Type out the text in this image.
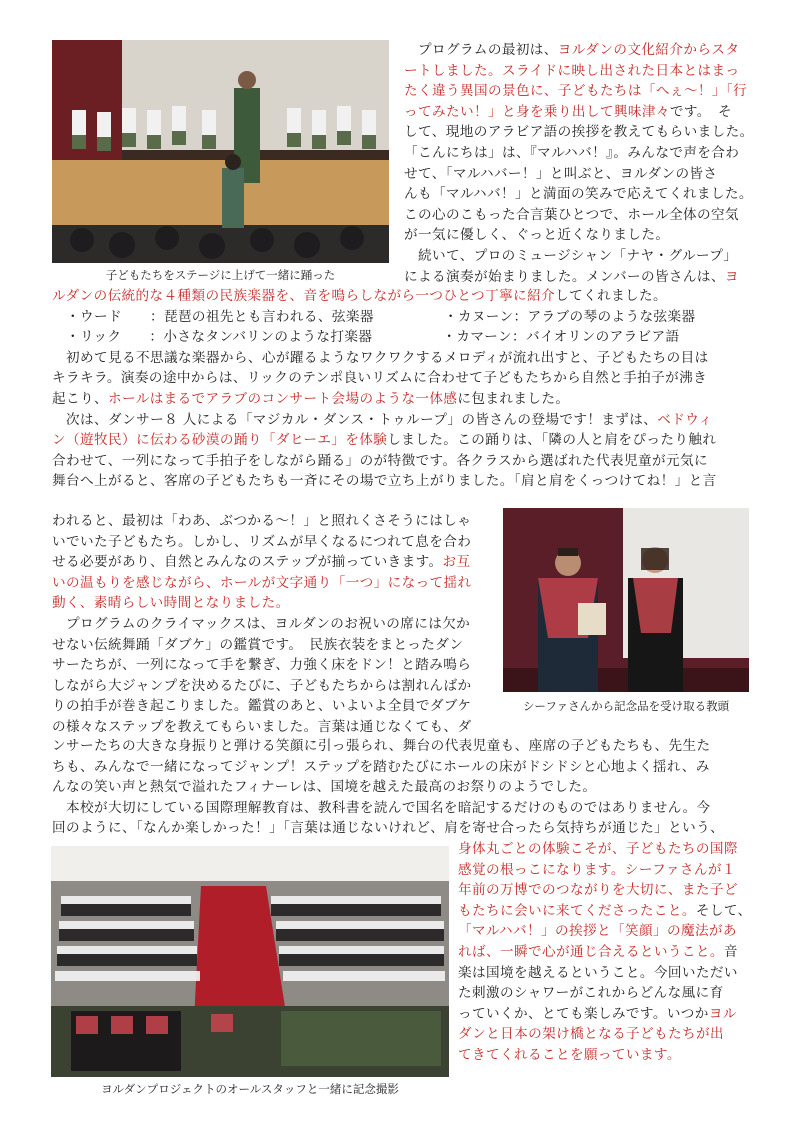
子どもたちをステージに上げて一緒に踊った
シーファさんから記念品を受け取る教頭
ヨルダンプロジェクトのオールスタッフと一緒に記念撮影
　プログラムの最初は、ヨルダンの文化紹介からスタ
ートしました。スライドに映し出された日本とはまっ
たく違う異国の景色に、子どもたちは「へぇ～！」「行
ってみたい！」と身を乗り出して興味津々です。　そ
して、現地のアラビア語の挨拶を教えてもらいました。
「こんにちは」は、『マルハバ！』。みんなで声を合わ
せて、「マルハバー！」と叫ぶと、ヨルダンの皆さ
んも「マルハバ！」と満面の笑みで応えてくれました。
この心のこもった合言葉ひとつで、ホール全体の空気
が一気に優しく、ぐっと近くなりました。
　続いて、プロのミュージシャン「ナヤ・グループ」
による演奏が始まりました。メンバーの皆さんは、ヨ
ルダンの伝統的な４種類の民族楽器を、音を鳴らしながら一つひとつ丁寧に紹介してくれました。
　・ウード　　：琵琶の祖先とも言われる、弦楽器　　　　　・カヌーン：アラブの琴のような弦楽器
　・リック　　：小さなタンバリンのような打楽器　　　　　・カマーン：バイオリンのアラビア語
　初めて見る不思議な楽器から、心が躍るようなワクワクするメロディが流れ出すと、子どもたちの目は
キラキラ。演奏の途中からは、リックのテンポ良いリズムに合わせて子どもたちから自然と手拍子が沸き
起こり、ホールはまるでアラブのコンサート会場のような一体感に包まれました。
　次は、ダンサー８ 人による「マジカル・ダンス・トゥループ」の皆さんの登場です！まずは、ベドウィ
ン（遊牧民）に伝わる砂漠の踊り「ダヒーエ」を体験しました。この踊りは、「隣の人と肩をぴったり触れ
合わせて、一列になって手拍子をしながら踊る」のが特徴です。各クラスから選ばれた代表児童が元気に
舞台へ上がると、客席の子どもたちも一斉にその場で立ち上がりました。「肩と肩をくっつけてね！」と言
われると、最初は「わあ、ぶつかる～！」と照れくさそうにはしゃ
いでいた子どもたち。しかし、リズムが早くなるにつれて息を合わ
せる必要があり、自然とみんなのステップが揃っていきます。お互
いの温もりを感じながら、ホールが文字通り「一つ」になって揺れ
動く、素晴らしい時間となりました。
　プログラムのクライマックスは、ヨルダンのお祝いの席には欠か
せない伝統舞踊「ダブケ」の鑑賞です。　民族衣装をまとったダン
サーたちが、一列になって手を繋ぎ、力強く床をドン！と踏み鳴ら
しながら大ジャンプを決めるたびに、子どもたちからは割れんばか
りの拍手が巻き起こりました。鑑賞のあと、いよいよ全員でダブケ
の様々なステップを教えてもらいました。言葉は通じなくても、ダ
ンサーたちの大きな身振りと弾ける笑顔に引っ張られ、舞台の代表児童も、座席の子どもたちも、先生た
ちも、みんなで一緒になってジャンプ！ステップを踏むたびにホールの床がドシドシと心地よく揺れ、み
んなの笑い声と熱気で溢れたフィナーレは、国境を越えた最高のお祭りのようでした。
　本校が大切にしている国際理解教育は、教科書を読んで国名を暗記するだけのものではありません。今
回のように、「なんか楽しかった！」「言葉は通じないけれど、肩を寄せ合ったら気持ちが通じた」という、
身体丸ごとの体験こそが、子どもたちの国際
感覚の根っこになります。シーファさんが１
年前の万博でのつながりを大切に、また子ど
もたちに会いに来てくださったこと。そして、
「マルハバ！」の挨拶と「笑顔」の魔法があ
れば、一瞬で心が通じ合えるということ。音
楽は国境を越えるということ。今回いただい
た刺激のシャワーがこれからどんな風に育
っていくか、とても楽しみです。いつかヨル
ダンと日本の架け橋となる子どもたちが出
てきてくれることを願っています。
